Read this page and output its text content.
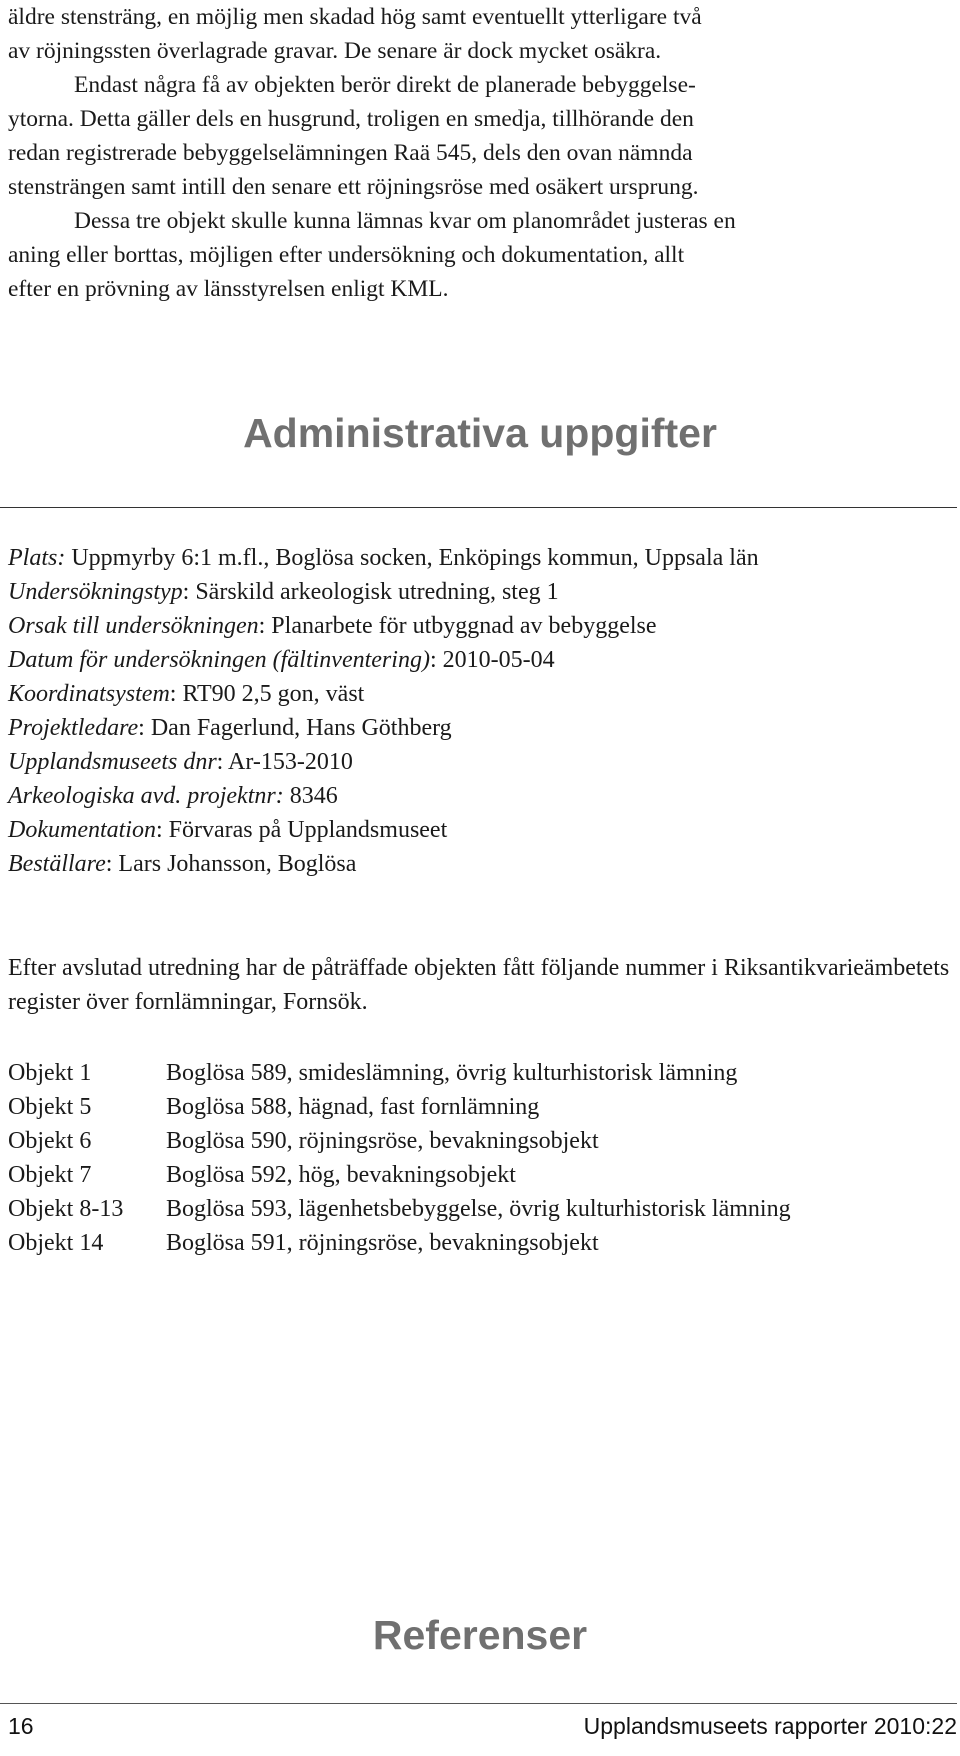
äldre stensträng, en möjlig men skadad hög samt eventuellt ytterligare två

av röjningssten överlagrade gravar. De senare är dock mycket osäkra.

Endast några få av objekten berör direkt de planerade bebyggelse-

ytorna. Detta gäller dels en husgrund, troligen en smedja, tillhörande den

redan registrerade bebyggelselämningen Raä 545, dels den ovan nämnda

stensträngen samt intill den senare ett röjningsröse med osäkert ursprung.

Dessa tre objekt skulle kunna lämnas kvar om planområdet justeras en

aning eller borttas, möjligen efter undersökning och dokumentation, allt

efter en prövning av länsstyrelsen enligt KML.

Administrativa uppgifter

Plats: Uppmyrby 6:1 m.fl., Boglösa socken, Enköpings kommun, Uppsala län

Undersökningstyp: Särskild arkeologisk utredning, steg 1

Orsak till undersökningen: Planarbete för utbyggnad av bebyggelse

Datum för undersökningen (fältinventering): 2010-05-04

Koordinatsystem: RT90 2,5 gon, väst

Projektledare: Dan Fagerlund, Hans Göthberg

Upplandsmuseets dnr: Ar-153-2010

Arkeologiska avd. projektnr: 8346

Dokumentation: Förvaras på Upplandsmuseet

Beställare: Lars Johansson, Boglösa

Efter avslutad utredning har de påträffade objekten fått följande nummer i Riksantikvarieämbetets register över fornlämningar, Fornsök.

Objekt 1	Boglösa 589, smideslämning, övrig kulturhistorisk lämning
Objekt 5	Boglösa 588, hägnad, fast fornlämning
Objekt 6	Boglösa 590, röjningsröse, bevakningsobjekt
Objekt 7	Boglösa 592, hög, bevakningsobjekt
Objekt 8-13	Boglösa 593, lägenhetsbebyggelse, övrig kulturhistorisk lämning
Objekt 14	Boglösa 591, röjningsröse, bevakningsobjekt
Referenser
16	Upplandsmuseets rapporter 2010:22
